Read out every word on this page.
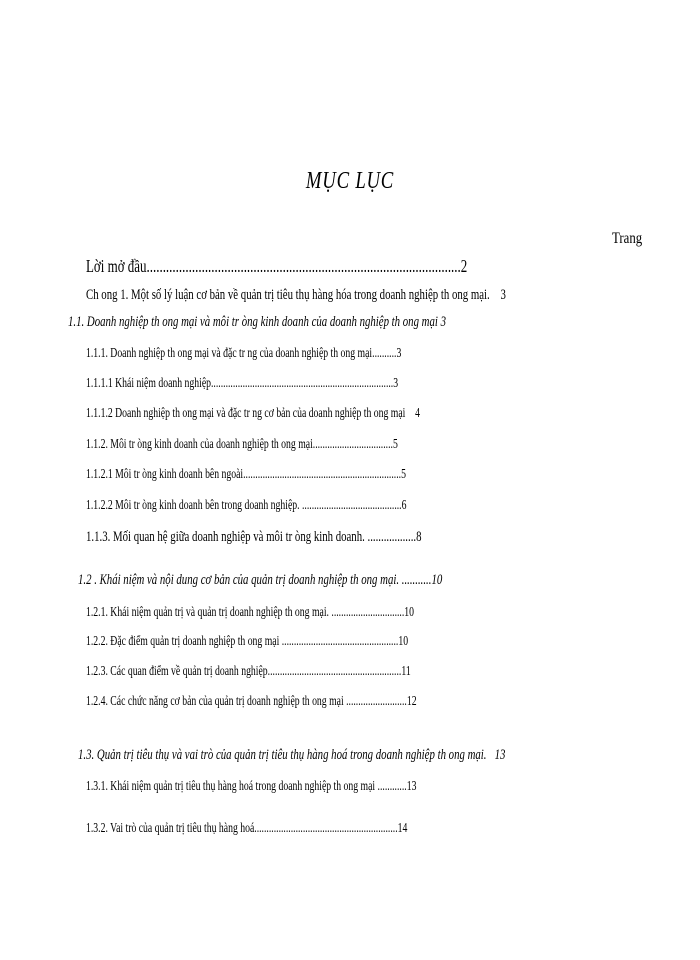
MỤC LỤC
Trang
Lời mở đầu.................................................................................................2
Ch ong 1. Một số lý luận cơ bản về quản trị tiêu thụ hàng hóa trong doanh nghiệp th ong mại. 3
1.1. Doanh nghiệp th ong mại và môi tr òng kinh doanh của doanh nghiệp th ong mại 3
1.1.1. Doanh nghiệp th ong mại và đặc tr ng của doanh nghiệp th ong mại..........3
1.1.1.1 Khái niệm doanh nghiệp...........................................................................3
1.1.1.2 Doanh nghiệp th ong mại và đặc tr ng cơ bản của doanh nghiệp th ong mại 4
1.1.2. Môi tr òng kinh doanh của doanh nghiệp th ong mại.................................5
1.1.2.1 Môi tr òng kinh doanh bên ngoài.................................................................5
1.1.2.2 Môi tr òng kinh doanh bên trong doanh nghiệp. .........................................6
1.1.3. Mối quan hệ giữa doanh nghiệp và môi tr òng kinh doanh. ..................8
1.2 . Khái niệm và nội dung cơ bản của quản trị doanh nghiệp th ong mại. ...........10
1.2.1. Khái niệm quản trị và quản trị doanh nghiệp th ong mại. ..............................10
1.2.2. Đặc điểm quản trị doanh nghiệp th ong mại ................................................10
1.2.3. Các quan điểm về quản trị doanh nghiệp.......................................................11
1.2.4. Các chức năng cơ bản của quản trị doanh nghiệp th ong mại .........................12
1.3. Quản trị tiêu thụ và vai trò của quản trị tiêu thụ hàng hoá trong doanh nghiệp th ong mại. 13
1.3.1. Khái niệm quản trị tiêu thụ hàng hoá trong doanh nghiệp th ong mại ............13
1.3.2. Vai trò của quản trị tiêu thụ hàng hoá...........................................................14
